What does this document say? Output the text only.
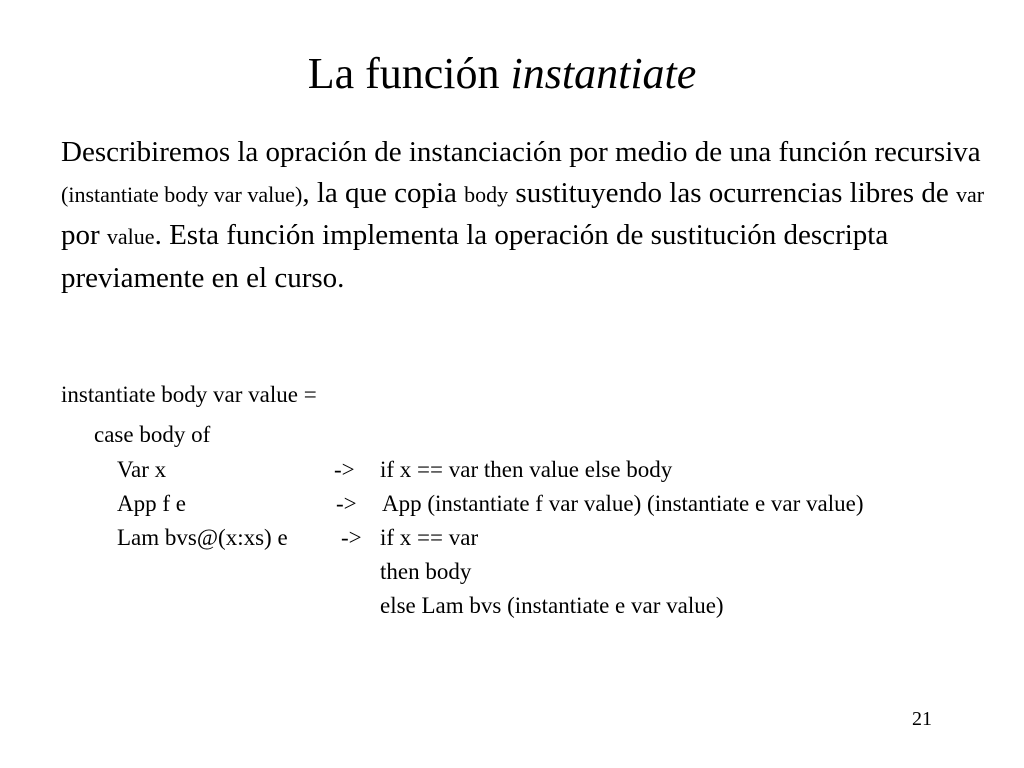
La función instantiate
Describiremos la opración de instanciación por medio de una función recursiva (instantiate body var value), la que copia body sustituyendo las ocurrencias libres de var por value. Esta función implementa la operación de sustitución descripta previamente en el curso.
instantiate body var value =
case body of
Var x	-> if x == var then value else body
App f e	-> App (instantiate f var value) (instantiate e var value)
Lam bvs@(x:xs) e -> if x == var
then body
else Lam bvs (instantiate e var value)
21
